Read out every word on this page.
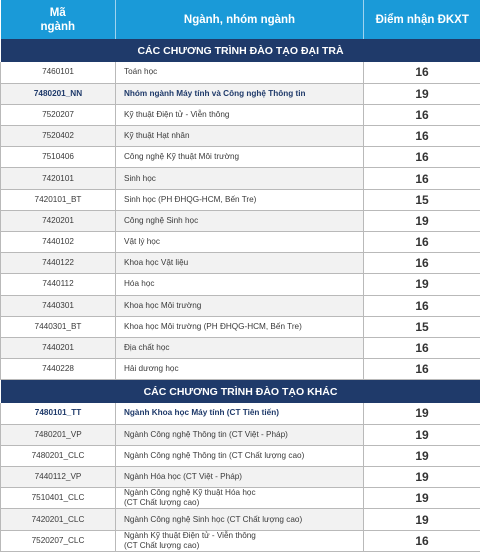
Mã
ngành	Ngành, nhóm ngành	Điểm nhận ĐKXT
CÁC CHƯƠNG TRÌNH ĐÀO TẠO ĐẠI TRÀ		
7460101	Toán học	16
7480201_NN	Nhóm ngành Máy tính và Công nghệ Thông tin	19
7520207	Kỹ thuật Điện tử - Viễn thông	16
7520402	Kỹ thuật Hạt nhân	16
7510406	Công nghệ Kỹ thuật Môi trường	16
7420101	Sinh học	16
7420101_BT	Sinh học (PH ĐHQG-HCM, Bến Tre)	15
7420201	Công nghệ Sinh học	19
7440102	Vật lý học	16
7440122	Khoa học Vật liệu	16
7440112	Hóa học	19
7440301	Khoa học Môi trường	16
7440301_BT	Khoa học Môi trường (PH ĐHQG-HCM, Bến Tre)	15
7440201	Địa chất học	16
7440228	Hải dương học	16
CÁC CHƯƠNG TRÌNH ĐÀO TẠO KHÁC		
7480101_TT	Ngành Khoa học Máy tính (CT Tiên tiến)	19
7480201_VP	Ngành Công nghệ Thông tin (CT Việt - Pháp)	19
7480201_CLC	Ngành Công nghệ Thông tin (CT Chất lượng cao)	19
7440112_VP	Ngành Hóa học (CT Việt - Pháp)	19
7510401_CLC	Ngành Công nghệ Kỹ thuật Hóa học
(CT Chất lượng cao)	19
7420201_CLC	Ngành Công nghệ Sinh học (CT Chất lượng cao)	19
7520207_CLC	Ngành Kỹ thuật Điện tử - Viễn thông
(CT Chất lượng cao)	16
